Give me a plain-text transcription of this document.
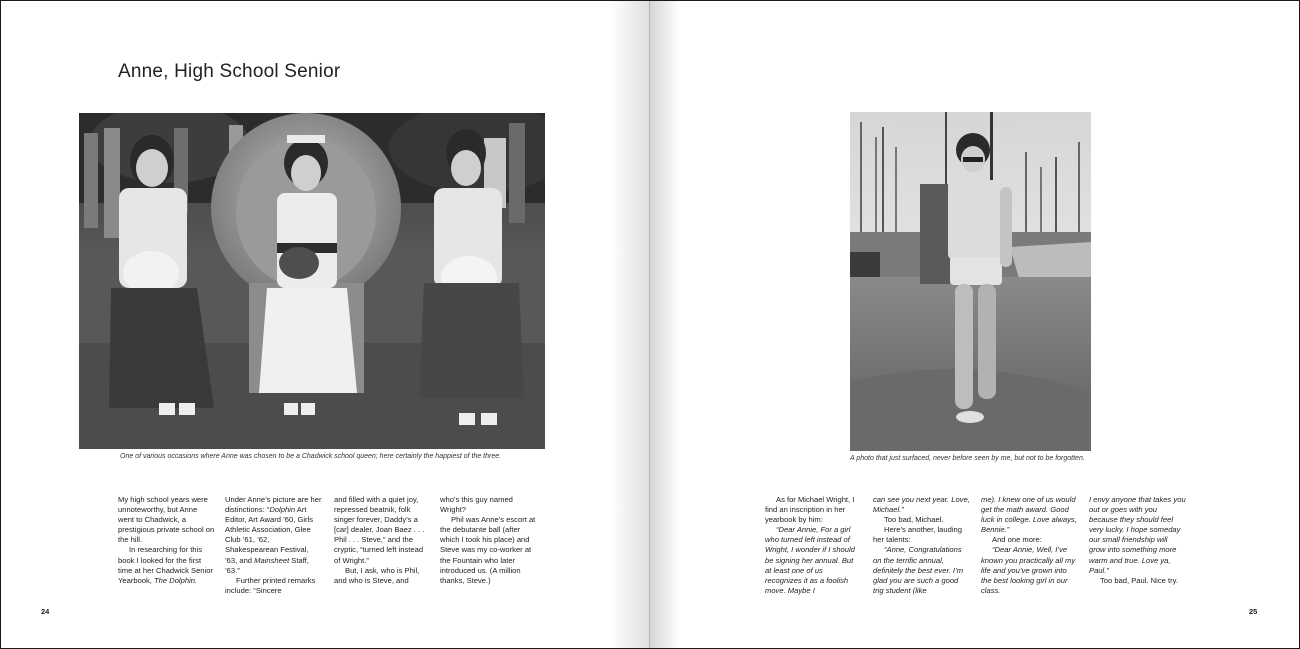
Anne, High School Senior

One of various occasions where Anne was chosen to be a Chadwick school queen; here certainly the happiest of the three.

My high school years were unnoteworthy, but Anne went to Chadwick, a prestigious private school on the hill.

In researching for this book I looked for the first time at her Chadwick Senior Yearbook, The Dolphin.

Under Anne’s picture are her distinctions: “Dolphin Art Editor, Art Award ’60, Girls Athletic Association, Glee Club ’61, ’62, Shakespearean Festival, ’63, and Mainsheet Staff, ’63.”

Further printed remarks include: “Sincere

and filled with a quiet joy, repressed beatnik, folk singer forever, Daddy’s a [car] dealer, Joan Baez . . . Phil . . . Steve,” and the cryptic, “turned left instead of Wright.”

But, I ask, who is Phil, and who is Steve, and

who’s this guy named Wright?

Phil was Anne’s escort at the debutante ball (after which I took his place) and Steve was my co-worker at the Fountain who later introduced us. (A million thanks, Steve.)

24

A photo that just surfaced, never before seen by me, but not to be forgotten.

As for Michael Wright, I find an inscription in her yearbook by him:

“Dear Annie, For a girl who turned left instead of Wright, I wonder if I should be signing her annual. But at least one of us recognizes it as a foolish move. Maybe I

can see you next year. Love, Michael.”

Too bad, Michael.

Here’s another, lauding her talents:

“Anne, Congratulations on the terrific annual, definitely the best ever. I’m glad you are such a good trig student (like

me). I knew one of us would get the math award. Good luck in college. Love always, Bennie.”

And one more:

“Dear Annie, Well, I’ve known you practically all my life and you’ve grown into the best looking girl in our class.

I envy anyone that takes you out or goes with you because they should feel very lucky. I hope someday our small friendship will grow into something more warm and true. Love ya, Paul.”

Too bad, Paul. Nice try.

25
